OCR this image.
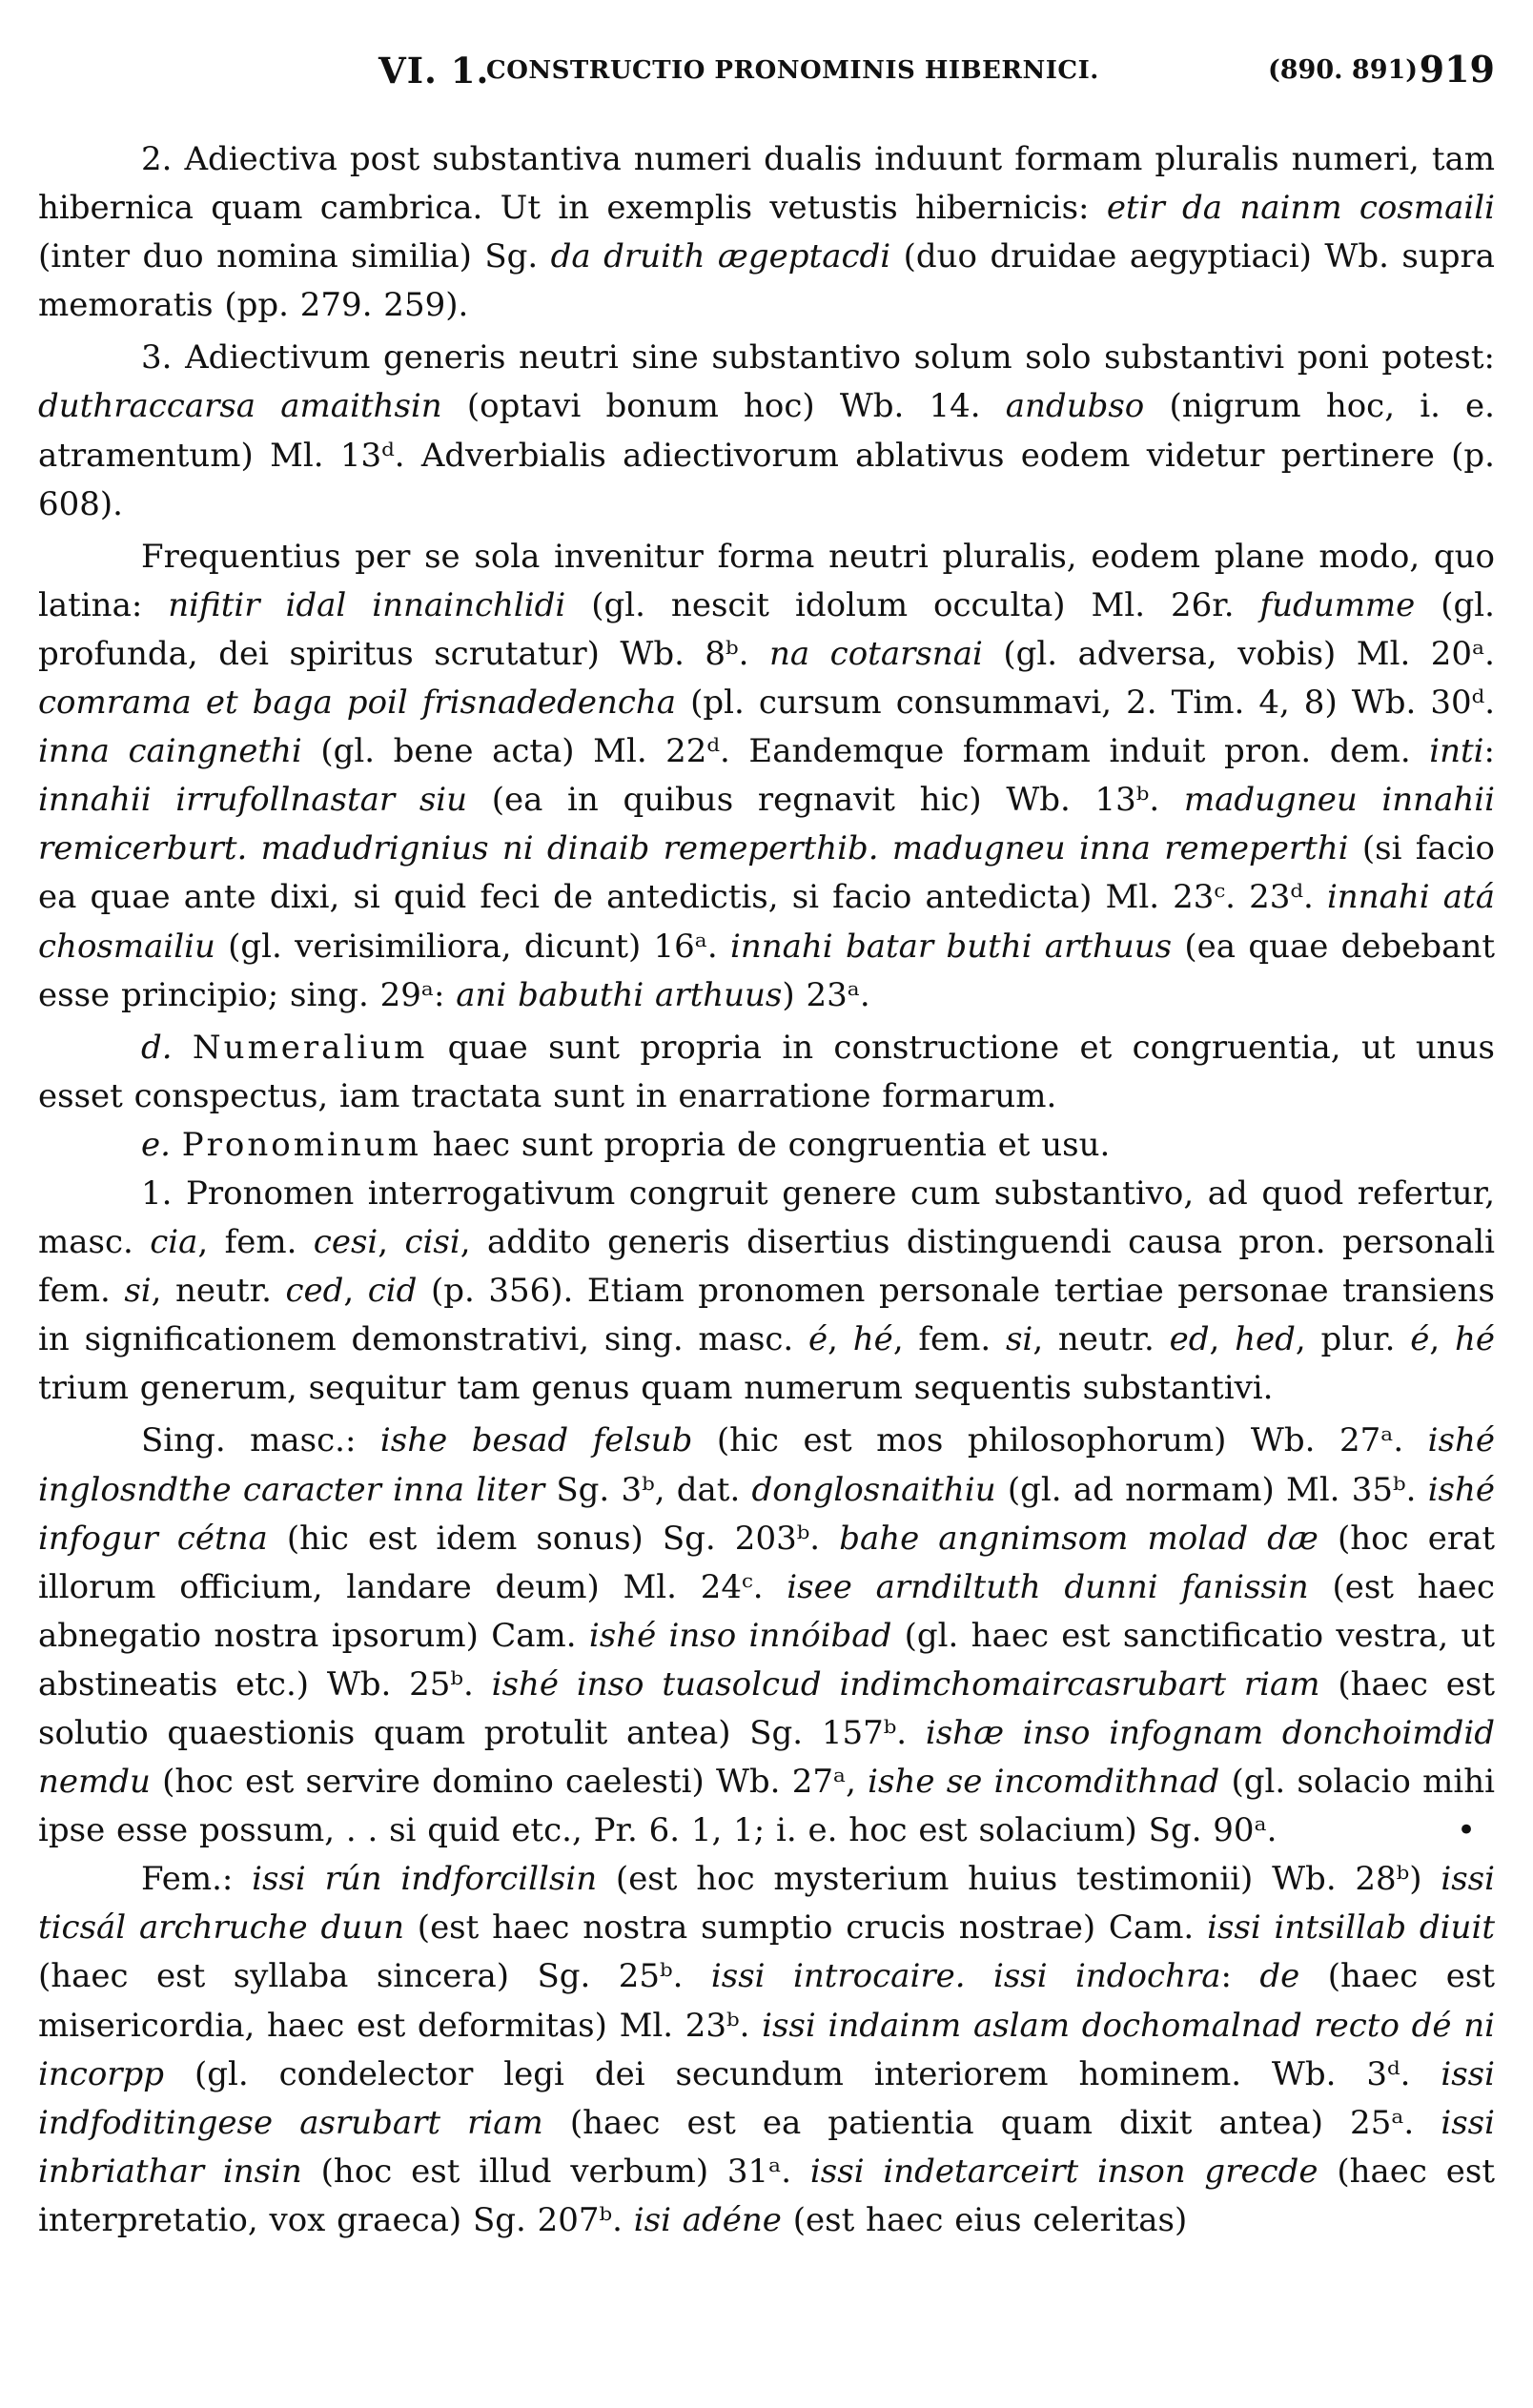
VI. 1.
CONSTRUCTIO PRONOMINIS HIBERNICI.	(890. 891) 919

2. Adiectiva post substantiva numeri dualis induunt formam pluralis numeri, tam hibernica quam cambrica. Ut in exemplis vetustis hibernicis: etir da nainm cosmaili (inter duo nomina similia) Sg. da druith ægeptacdi (duo druidae aegyptiaci) Wb. supra memoratis (pp. 279. 259).

3. Adiectivum generis neutri sine substantivo solum solo substantivi poni potest: duthraccarsa amaithsin (optavi bonum hoc) Wb. 14. andubso (nigrum hoc, i. e. atramentum) Ml. 13ᵈ. Adverbialis adiectivorum ablativus eodem videtur pertinere (p. 608).

Frequentius per se sola invenitur forma neutri pluralis, eodem plane modo, quo latina: nifitir idal innainchlidi (gl. nescit idolum occulta) Ml. 26r. fudumme (gl. profunda, dei spiritus scrutatur) Wb. 8ᵇ. na cotarsnai (gl. adversa, vobis) Ml. 20ᵃ. comrama et baga poil frisnadedencha (pl. cursum consummavi, 2. Tim. 4, 8) Wb. 30ᵈ. inna caingnethi (gl. bene acta) Ml. 22ᵈ. Eandemque formam induit pron. dem. inti: innahii irrufollnastar siu (ea in quibus regnavit hic) Wb. 13ᵇ. madugneu innahii remicerburt. madudrignius ni dinaib remeperthib. madugneu inna remeperthi (si facio ea quae ante dixi, si quid feci de antedictis, si facio antedicta) Ml. 23ᶜ. 23ᵈ. innahi atá chosmailiu (gl. verisimiliora, dicunt) 16ᵃ. innahi batar buthi arthuus (ea quae debebant esse principio; sing. 29ᵃ: ani babuthi arthuus) 23ᵃ.

d. Numeralium quae sunt propria in constructione et congruentia, ut unus esset conspectus, iam tractata sunt in enarratione formarum.

e. Pronominum haec sunt propria de congruentia et usu.

1. Pronomen interrogativum congruit genere cum substantivo, ad quod refertur, masc. cia, fem. cesi, cisi, addito generis disertius distinguendi causa pron. personali fem. si, neutr. ced, cid (p. 356). Etiam pronomen personale tertiae personae transiens in significationem demonstrativi, sing. masc. é, hé, fem. si, neutr. ed, hed, plur. é, hé trium generum, sequitur tam genus quam numerum sequentis substantivi.

Sing. masc.: ishe besad felsub (hic est mos philosophorum) Wb. 27ᵃ. ishé inglosndthe caracter inna liter Sg. 3ᵇ, dat. donglosnaithiu (gl. ad normam) Ml. 35ᵇ. ishé infogur cétna (hic est idem sonus) Sg. 203ᵇ. bahe angnimsom molad dæ (hoc erat illorum officium, landare deum) Ml. 24ᶜ. isee arndiltuth dunni fanissin (est haec abnegatio nostra ipsorum) Cam. ishé inso innóibad (gl. haec est sanctificatio vestra, ut abstineatis etc.) Wb. 25ᵇ. ishé inso tuasolcud indimchomaircasrubart riam (haec est solutio quaestionis quam protulit antea) Sg. 157ᵇ. ishæ inso infognam donchoimdid nemdu (hoc est servire domino caelesti) Wb. 27ᵃ, ishe se incomdithnad (gl. solacio mihi ipse esse possum, . . si quid etc., Pr. 6. 1, 1; i. e. hoc est solacium) Sg. 90ᵃ.	•

Fem.: issi rún indforcillsin (est hoc mysterium huius testimonii) Wb. 28ᵇ) issi ticsál archruche duun (est haec nostra sumptio crucis nostrae) Cam. issi intsillab diuit (haec est syllaba sincera) Sg. 25ᵇ. issi introcaire. issi indochra: de (haec est misericordia, haec est deformitas) Ml. 23ᵇ. issi indainm aslam dochomalnad recto dé ni incorpp (gl. condelector legi dei secundum interiorem hominem. Wb. 3ᵈ. issi indfoditingese asrubart riam (haec est ea patientia quam dixit antea) 25ᵃ. issi inbriathar insin (hoc est illud verbum) 31ᵃ. issi indetarceirt inson grecde (haec est interpretatio, vox graeca) Sg. 207ᵇ. isi adéne (est haec eius celeritas)
